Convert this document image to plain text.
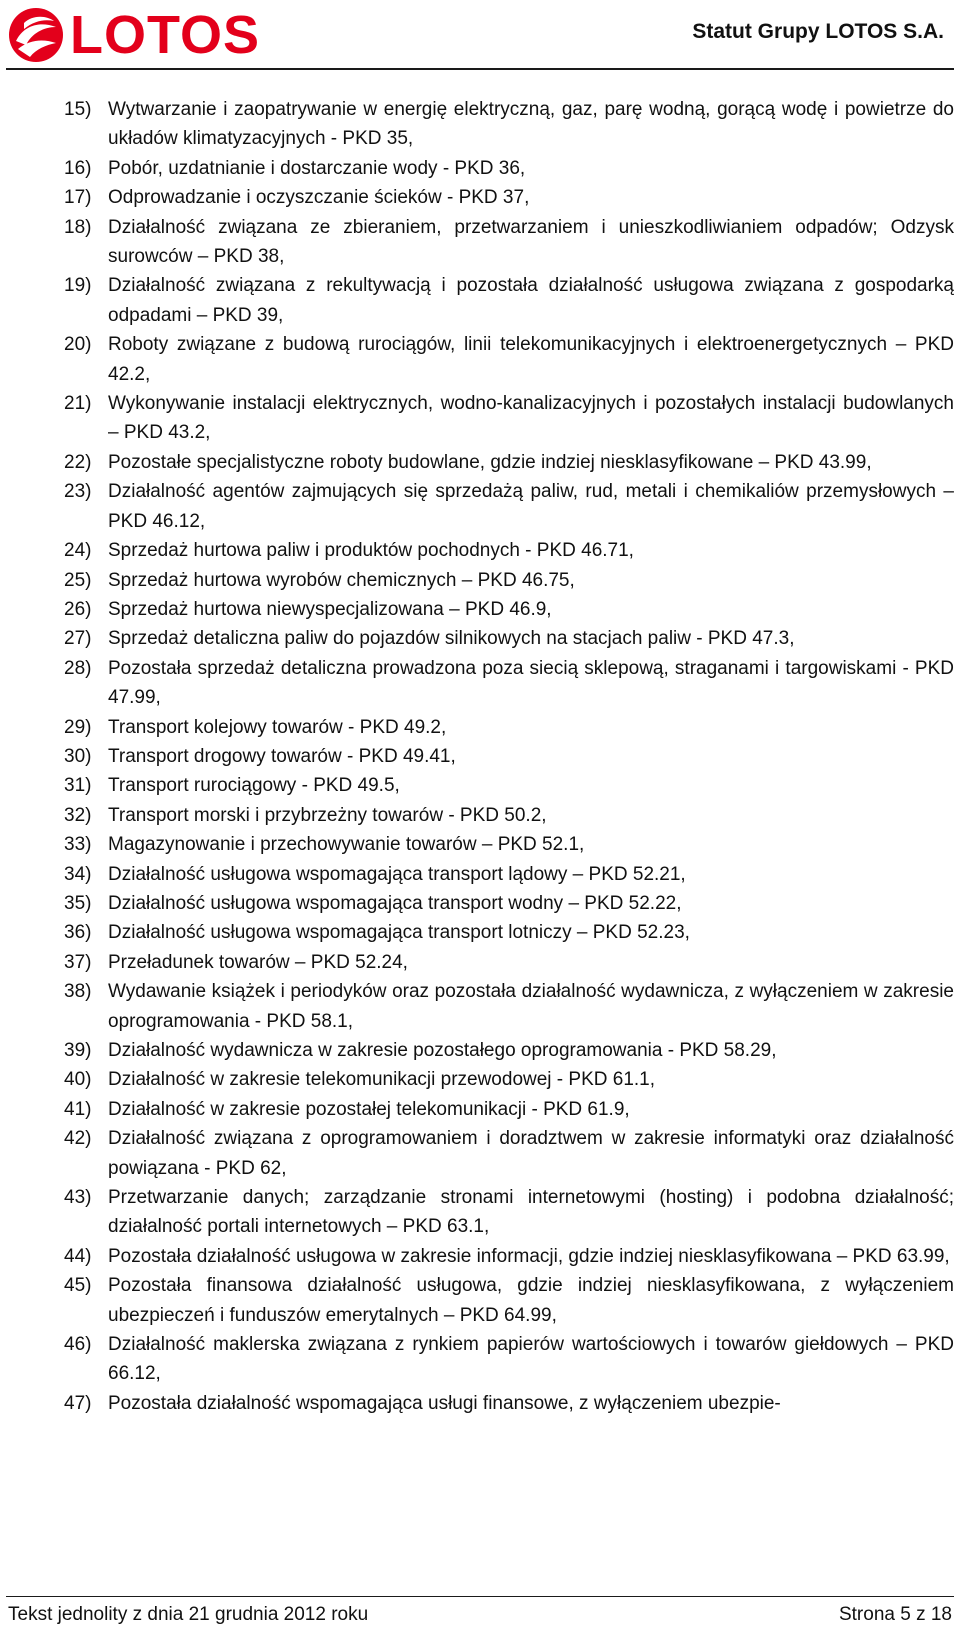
LOTOS	Statut Grupy LOTOS S.A.
15) Wytwarzanie i zaopatrywanie w energię elektryczną, gaz, parę wodną, gorącą wodę i powietrze do układów klimatyzacyjnych - PKD 35,
16) Pobór, uzdatnianie i dostarczanie wody - PKD 36,
17) Odprowadzanie i oczyszczanie ścieków - PKD 37,
18) Działalność związana ze zbieraniem, przetwarzaniem i unieszkodliwianiem odpadów; Odzysk surowców – PKD 38,
19) Działalność związana z rekultywacją i pozostała działalność usługowa związana z gospodarką odpadami – PKD 39,
20) Roboty związane z budową rurociągów, linii telekomunikacyjnych i elektroenergetycznych – PKD 42.2,
21) Wykonywanie instalacji elektrycznych, wodno-kanalizacyjnych i pozostałych instalacji budowlanych – PKD 43.2,
22) Pozostałe specjalistyczne roboty budowlane, gdzie indziej niesklasyfikowane – PKD 43.99,
23) Działalność agentów zajmujących się sprzedażą paliw, rud, metali i chemikaliów przemysłowych – PKD 46.12,
24) Sprzedaż hurtowa paliw i produktów pochodnych - PKD 46.71,
25) Sprzedaż hurtowa wyrobów chemicznych – PKD 46.75,
26) Sprzedaż hurtowa niewyspecjalizowana – PKD 46.9,
27) Sprzedaż detaliczna paliw do pojazdów silnikowych na stacjach paliw - PKD 47.3,
28) Pozostała sprzedaż detaliczna prowadzona poza siecią sklepową, straganami i targowiskami - PKD 47.99,
29) Transport kolejowy towarów - PKD 49.2,
30) Transport drogowy towarów - PKD 49.41,
31) Transport rurociągowy - PKD 49.5,
32) Transport morski i przybrzeżny towarów - PKD 50.2,
33) Magazynowanie i przechowywanie towarów – PKD 52.1,
34) Działalność usługowa wspomagająca transport lądowy – PKD 52.21,
35) Działalność usługowa wspomagająca transport wodny – PKD 52.22,
36) Działalność usługowa wspomagająca transport lotniczy – PKD 52.23,
37) Przeładunek towarów – PKD 52.24,
38) Wydawanie książek i periodyków oraz pozostała działalność wydawnicza, z wyłączeniem w zakresie oprogramowania - PKD 58.1,
39) Działalność wydawnicza w zakresie pozostałego oprogramowania - PKD 58.29,
40) Działalność w zakresie telekomunikacji przewodowej - PKD 61.1,
41) Działalność w zakresie pozostałej telekomunikacji - PKD 61.9,
42) Działalność związana z oprogramowaniem i doradztwem w zakresie informatyki oraz działalność powiązana - PKD 62,
43) Przetwarzanie danych; zarządzanie stronami internetowymi (hosting) i podobna działalność; działalność portali internetowych – PKD 63.1,
44) Pozostała działalność usługowa w zakresie informacji, gdzie indziej niesklasyfikowana – PKD 63.99,
45) Pozostała finansowa działalność usługowa, gdzie indziej niesklasyfikowana, z wyłączeniem ubezpieczeń i funduszów emerytalnych – PKD 64.99,
46) Działalność maklerska związana z rynkiem papierów wartościowych i towarów giełdowych – PKD 66.12,
47) Pozostała działalność wspomagająca usługi finansowe, z wyłączeniem ubezpie-
Tekst jednolity z dnia 21 grudnia 2012 roku	Strona 5 z 18
